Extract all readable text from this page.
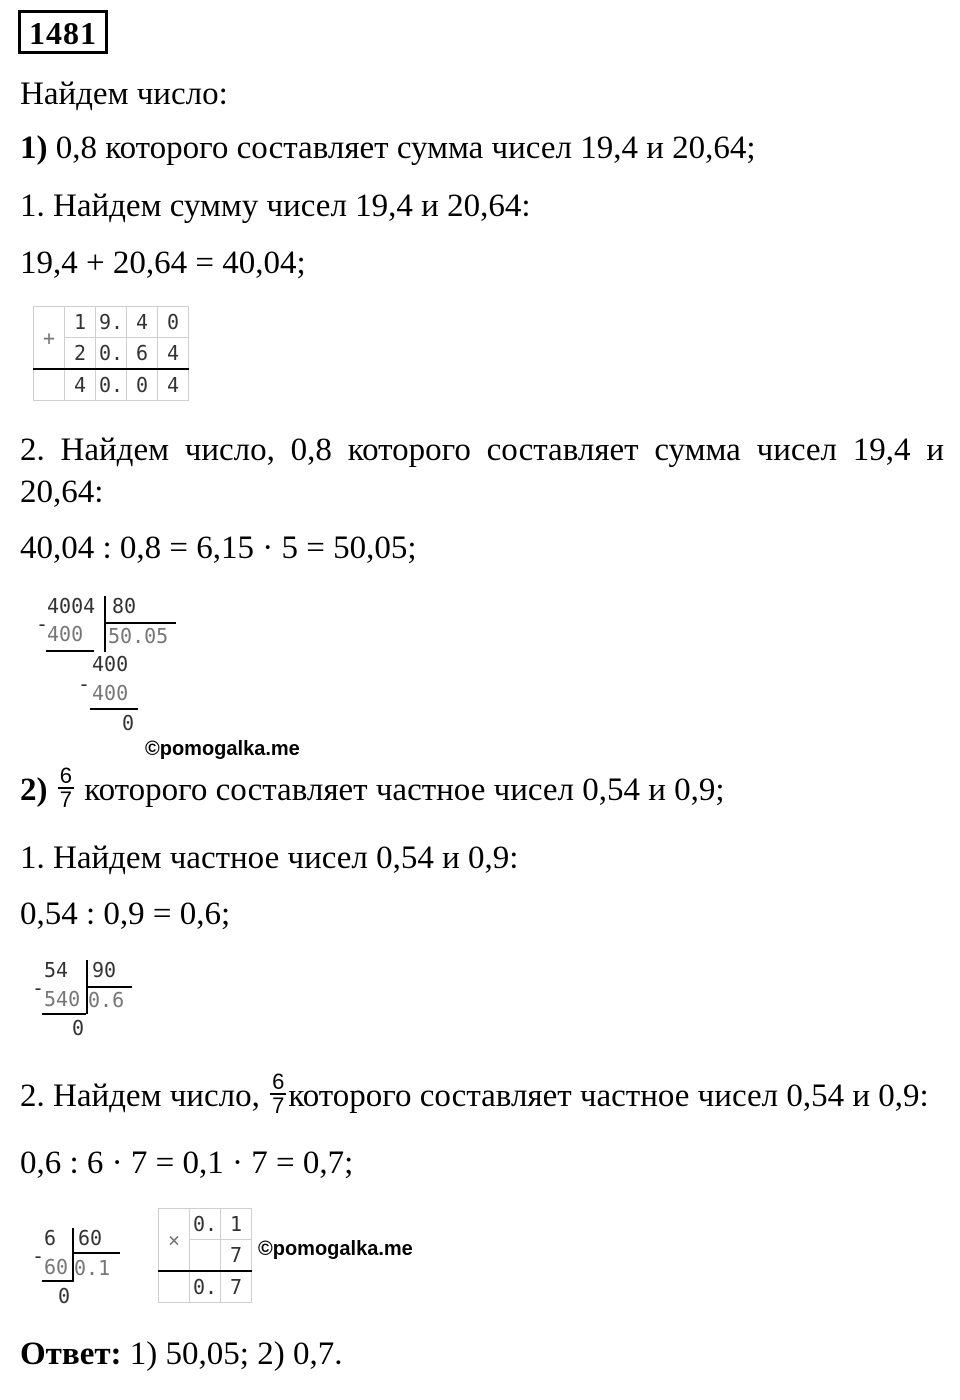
1481
Найдем число:
1) 0,8 которого составляет сумма чисел 19,4 и 20,64;
1. Найдем сумму чисел 19,4 и 20,64:
19,4 + 20,64 = 40,04;
+	1	9.	4	0
	2	0.	6	4
	4	0.	0	4
2. Найдем число, 0,8 которого составляет сумма чисел 19,4 и
20,64:
40,04 : 0,8 = 6,15 · 5 = 50,05;
4004 80
-
400 50.05
400
- 400
0
©pomogalka.me
$2) \frac{6}{7}$ которого составляет частное чисел 0,54 и 0,9;
1. Найдем частное чисел 0,54 и 0,9:
0,54 : 0,9 = 0,6;
54 90
- 540 0.6
0
2. Найдем число, $\frac{6}{7}$ которого составляет частное чисел 0,54 и 0,9:
0,6 : 6 · 7 = 0,1 · 7 = 0,7;
6 60
- 60 0.1
0
×	0.	1
		7
	0.	7
©pomogalka.me
Ответ: 1) 50,05; 2) 0,7.
